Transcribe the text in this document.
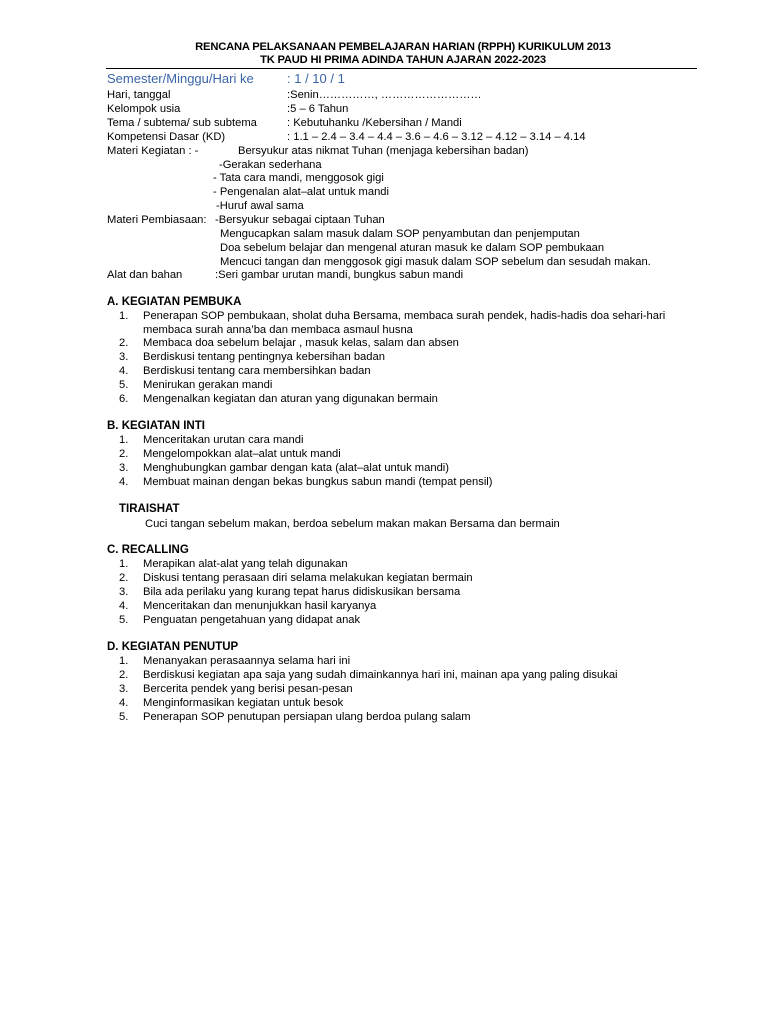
RENCANA PELAKSANAAN PEMBELAJARAN HARIAN (RPPH) KURIKULUM 2013
TK PAUD HI PRIMA ADINDA TAHUN AJARAN 2022-2023
Semester/Minggu/Hari ke	: 1 / 10 / 1
Hari, tanggal	:Senin……………, ………………………
Kelompok usia	:5 – 6 Tahun
Tema / subtema/ sub subtema	: Kebutuhanku /Kebersihan / Mandi
Kompetensi Dasar (KD)	: 1.1 – 2.4 – 3.4 – 4.4 – 3.6 – 4.6 – 3.12 – 4.12 – 3.14 – 4.14
Materi Kegiatan : -	Bersyukur atas nikmat Tuhan (menjaga kebersihan badan)
-Gerakan sederhana
- Tata cara mandi, menggosok gigi
- Pengenalan alat–alat untuk mandi
-Huruf awal sama
Materi Pembiasaan: -Bersyukur sebagai ciptaan Tuhan
Mengucapkan salam masuk dalam SOP penyambutan dan penjemputan
Doa sebelum belajar dan mengenal aturan masuk ke dalam SOP pembukaan
Mencuci tangan dan menggosok gigi masuk dalam SOP sebelum dan sesudah makan.
Alat dan bahan	:Seri gambar urutan mandi, bungkus sabun mandi
A. KEGIATAN PEMBUKA
1. Penerapan SOP pembukaan, sholat duha Bersama, membaca surah pendek, hadis-hadis doa sehari-hari
membaca surah anna’ba dan membaca asmaul husna
2. Membaca doa sebelum belajar , masuk kelas, salam dan absen
3. Berdiskusi tentang pentingnya kebersihan badan
4. Berdiskusi tentang cara membersihkan badan
5. Menirukan gerakan mandi
6. Mengenalkan kegiatan dan aturan yang digunakan bermain
B. KEGIATAN INTI
1. Menceritakan urutan cara mandi
2. Mengelompokkan alat–alat untuk mandi
3. Menghubungkan gambar dengan kata (alat–alat untuk mandi)
4. Membuat mainan dengan bekas bungkus sabun mandi (tempat pensil)
TIRAISHAT
Cuci tangan sebelum makan, berdoa sebelum makan makan Bersama dan bermain
C. RECALLING
1. Merapikan alat-alat yang telah digunakan
2. Diskusi tentang perasaan diri selama melakukan kegiatan bermain
3. Bila ada perilaku yang kurang tepat harus didiskusikan bersama
4. Menceritakan dan menunjukkan hasil karyanya
5. Penguatan pengetahuan yang didapat anak
D. KEGIATAN PENUTUP
1. Menanyakan perasaannya selama hari ini
2. Berdiskusi kegiatan apa saja yang sudah dimainkannya hari ini, mainan apa yang paling disukai
3. Bercerita pendek yang berisi pesan-pesan
4. Menginformasikan kegiatan untuk besok
5. Penerapan SOP penutupan persiapan ulang berdoa pulang salam
